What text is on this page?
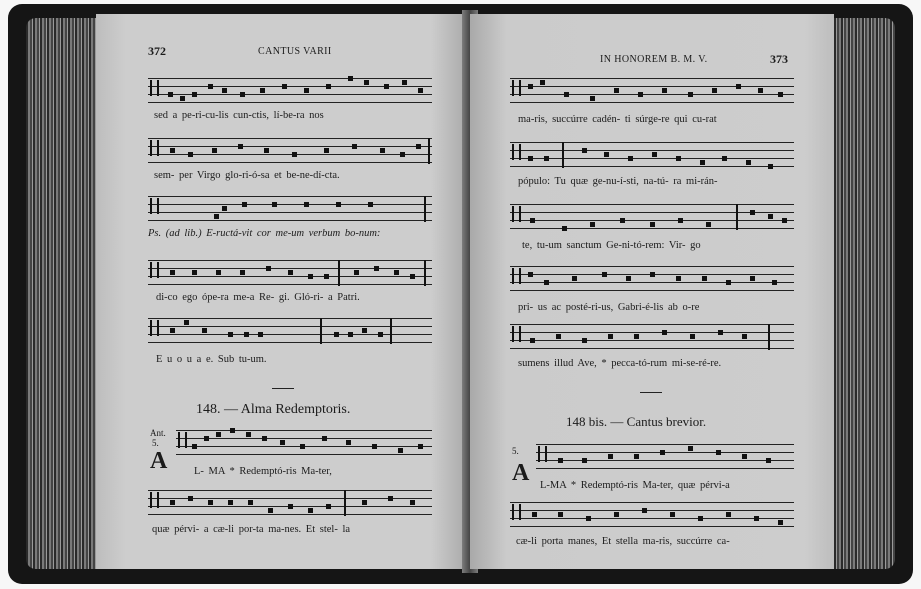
372	CANTUS VARII
sed a pe-ri-cu-lis cun-ctis, lí-be-ra nos
sem- per Virgo glo-ri-ó-sa et be-ne-dí-cta.
Ps. (ad lib.) E-ructá-vit cor me-um verbum bo-num:
di-co ego ópe-ra me-a Re- gi. Gló-ri- a Patri.
E u o u a e. Sub tu-um.
148. — Alma Redemptoris.
Ant.
5.
A	L- MA * Redemptó-ris Ma-ter,
quæ pérvi- a cæ-li por-ta ma-nes. Et stel- la
IN HONOREM B. M. V.	373
ma-ris, succúrre cadén- ti súrge-re qui cu-rat
pópulo: Tu quæ ge-nu-í-sti, na-tú- ra mi-rán-
te, tu-um sanctum Ge-ni-tó-rem: Vir- go
pri- us ac posté-ri-us, Gabri-é-lis ab o-re
sumens illud Ave, * pecca-tó-rum mi-se-ré-re.
148 bis. — Cantus brevior.
5.
A L-MA * Redemptó-ris Ma-ter, quæ pérvi-a
cæ-li porta manes, Et stella ma-ris, succúrre ca-
